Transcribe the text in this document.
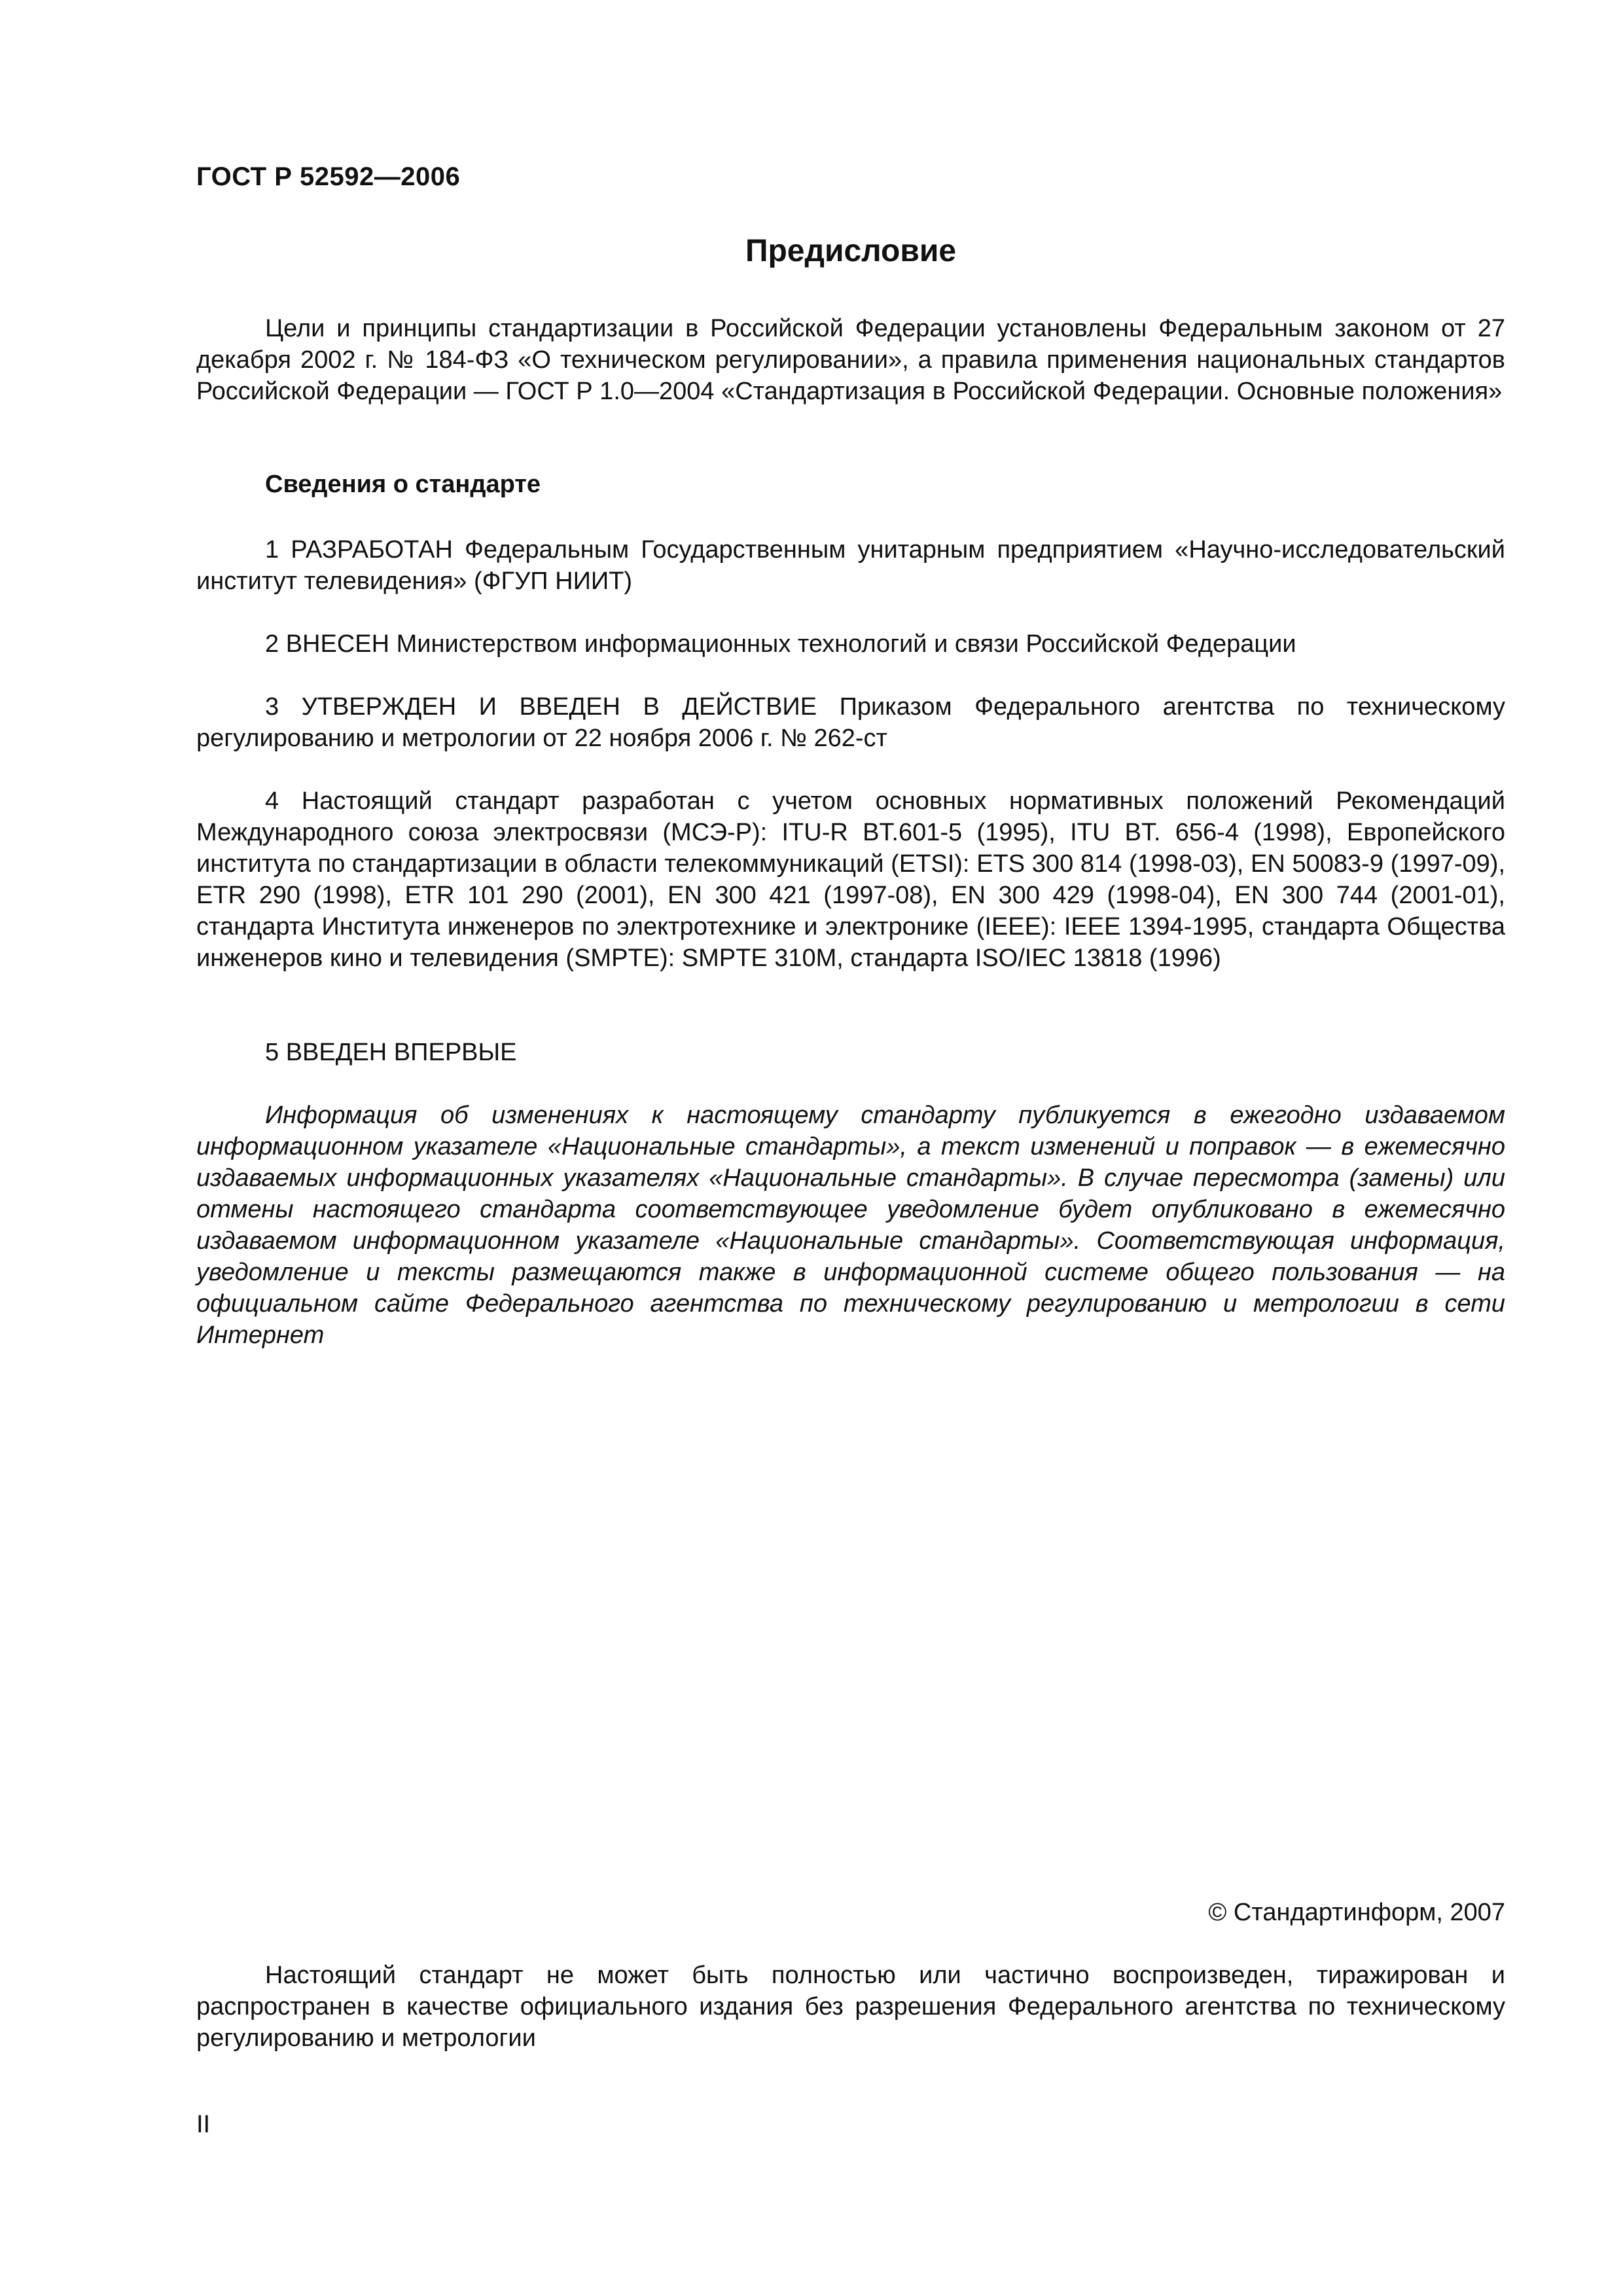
ГОСТ Р 52592—2006
Предисловие

Цели и принципы стандартизации в Российской Федерации установлены Федеральным законом от 27 декабря 2002 г. № 184-ФЗ «О техническом регулировании», а правила применения национальных стандартов Российской Федерации — ГОСТ Р 1.0—2004 «Стандартизация в Российской Федерации. Основные положения»

Сведения о стандарте

1 РАЗРАБОТАН Федеральным Государственным унитарным предприятием «Научно-исследовательский институт телевидения» (ФГУП НИИТ)

2 ВНЕСЕН Министерством информационных технологий и связи Российской Федерации

3 УТВЕРЖДЕН И ВВЕДЕН В ДЕЙСТВИЕ Приказом Федерального агентства по техническому регулированию и метрологии от 22 ноября 2006 г. № 262-ст

4 Настоящий стандарт разработан с учетом основных нормативных положений Рекомендаций Международного союза электросвязи (МСЭ-Р): ITU-R BT.601-5 (1995), ITU BT. 656-4 (1998), Европейского института по стандартизации в области телекоммуникаций (ETSI): ETS 300 814 (1998-03), EN 50083-9 (1997-09), ETR 290 (1998), ETR 101 290 (2001), EN 300 421 (1997-08), EN 300 429 (1998-04), EN 300 744 (2001-01), стандарта Института инженеров по электротехнике и электронике (IEEE): IEEE 1394-1995, стандарта Общества инженеров кино и телевидения (SMPTE): SMPTE 310M, стандарта ISO/IEC 13818 (1996)

5 ВВЕДЕН ВПЕРВЫЕ

Информация об изменениях к настоящему стандарту публикуется в ежегодно издаваемом информационном указателе «Национальные стандарты», а текст изменений и поправок — в ежемесячно издаваемых информационных указателях «Национальные стандарты». В случае пересмотра (замены) или отмены настоящего стандарта соответствующее уведомление будет опубликовано в ежемесячно издаваемом информационном указателе «Национальные стандарты». Соответствующая информация, уведомление и тексты размещаются также в информационной системе общего пользования — на официальном сайте Федерального агентства по техническому регулированию и метрологии в сети Интернет

© Стандартинформ, 2007

Настоящий стандарт не может быть полностью или частично воспроизведен, тиражирован и распространен в качестве официального издания без разрешения Федерального агентства по техническому регулированию и метрологии

II
